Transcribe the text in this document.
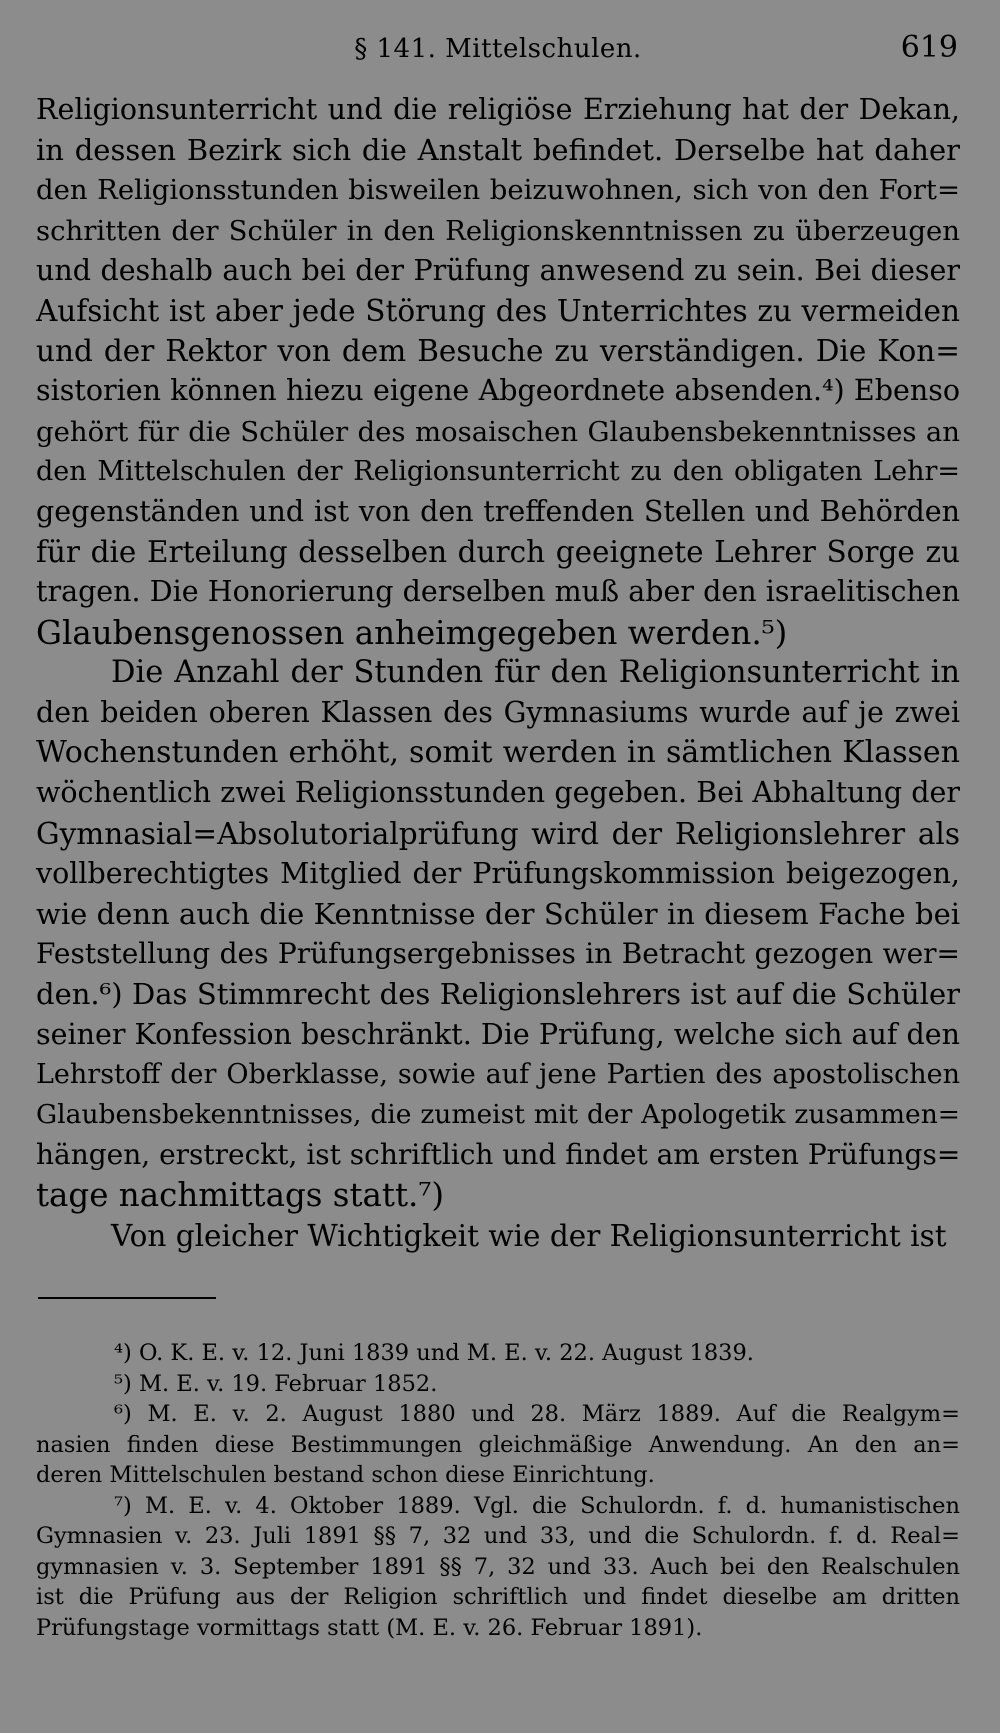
§ 141. Mittelschulen.	619
Religionsunterricht und die religiöse Erziehung hat der Dekan,
in dessen Bezirk sich die Anstalt befindet. Derselbe hat daher
den Religionsstunden bisweilen beizuwohnen, sich von den Fort=
schritten der Schüler in den Religionskenntnissen zu überzeugen
und deshalb auch bei der Prüfung anwesend zu sein. Bei dieser
Aufsicht ist aber jede Störung des Unterrichtes zu vermeiden
und der Rektor von dem Besuche zu verständigen. Die Kon=
sistorien können hiezu eigene Abgeordnete absenden.⁴) Ebenso
gehört für die Schüler des mosaischen Glaubensbekenntnisses an
den Mittelschulen der Religionsunterricht zu den obligaten Lehr=
gegenständen und ist von den treffenden Stellen und Behörden
für die Erteilung desselben durch geeignete Lehrer Sorge zu
tragen. Die Honorierung derselben muß aber den israelitischen
Glaubensgenossen anheimgegeben werden.⁵)
Die Anzahl der Stunden für den Religionsunterricht in
den beiden oberen Klassen des Gymnasiums wurde auf je zwei
Wochenstunden erhöht, somit werden in sämtlichen Klassen
wöchentlich zwei Religionsstunden gegeben. Bei Abhaltung der
Gymnasial=Absolutorialprüfung wird der Religionslehrer als
vollberechtigtes Mitglied der Prüfungskommission beigezogen,
wie denn auch die Kenntnisse der Schüler in diesem Fache bei
Feststellung des Prüfungsergebnisses in Betracht gezogen wer=
den.⁶) Das Stimmrecht des Religionslehrers ist auf die Schüler
seiner Konfession beschränkt. Die Prüfung, welche sich auf den
Lehrstoff der Oberklasse, sowie auf jene Partien des apostolischen
Glaubensbekenntnisses, die zumeist mit der Apologetik zusammen=
hängen, erstreckt, ist schriftlich und findet am ersten Prüfungs=
tage nachmittags statt.⁷)
Von gleicher Wichtigkeit wie der Religionsunterricht ist
⁴) O. K. E. v. 12. Juni 1839 und M. E. v. 22. August 1839.
⁵) M. E. v. 19. Februar 1852.
⁶) M. E. v. 2. August 1880 und 28. März 1889. Auf die Realgym=
nasien finden diese Bestimmungen gleichmäßige Anwendung. An den an=
deren Mittelschulen bestand schon diese Einrichtung.
⁷) M. E. v. 4. Oktober 1889. Vgl. die Schulordn. f. d. humanistischen
Gymnasien v. 23. Juli 1891 §§ 7, 32 und 33, und die Schulordn. f. d. Real=
gymnasien v. 3. September 1891 §§ 7, 32 und 33. Auch bei den Realschulen
ist die Prüfung aus der Religion schriftlich und findet dieselbe am dritten
Prüfungstage vormittags statt (M. E. v. 26. Februar 1891).
